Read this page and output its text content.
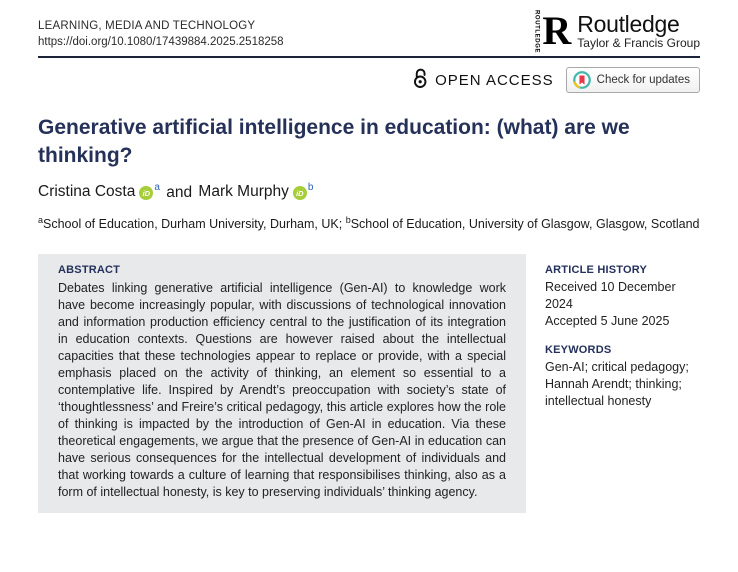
LEARNING, MEDIA AND TECHNOLOGY
https://doi.org/10.1080/17439884.2025.2518258	ROUTLEDGE R Routledge
Taylor & Francis Group
OPEN ACCESS	Check for updates
Generative artificial intelligence in education: (what) are we thinking?
Cristina Costa iD $^a$ and Mark Murphy iD $^b$

$^a$School of Education, Durham University, Durham, UK; $^b$School of Education, University of Glasgow, Glasgow, Scotland

ABSTRACT
Debates linking generative artificial intelligence (Gen-AI) to knowledge work have become increasingly popular, with discussions of technological innovation and information production efficiency central to the justification of its integration in education contexts. Questions are however raised about the intellectual capacities that these technologies appear to replace or provide, with a special emphasis placed on the activity of thinking, an element so essential to a contemplative life. Inspired by Arendt’s preoccupation with society’s state of ‘thoughtlessness’ and Freire’s critical pedagogy, this article explores how the role of thinking is impacted by the introduction of Gen-AI in education. Via these theoretical engagements, we argue that the presence of Gen-AI in education can have serious consequences for the intellectual development of individuals and that working towards a culture of learning that responsibilises thinking, also as a form of intellectual honesty, is key to preserving individuals’ thinking agency.
ARTICLE HISTORY
Received 10 December 2024
Accepted 5 June 2025
KEYWORDS
Gen-AI; critical pedagogy; Hannah Arendt; thinking; intellectual honesty
